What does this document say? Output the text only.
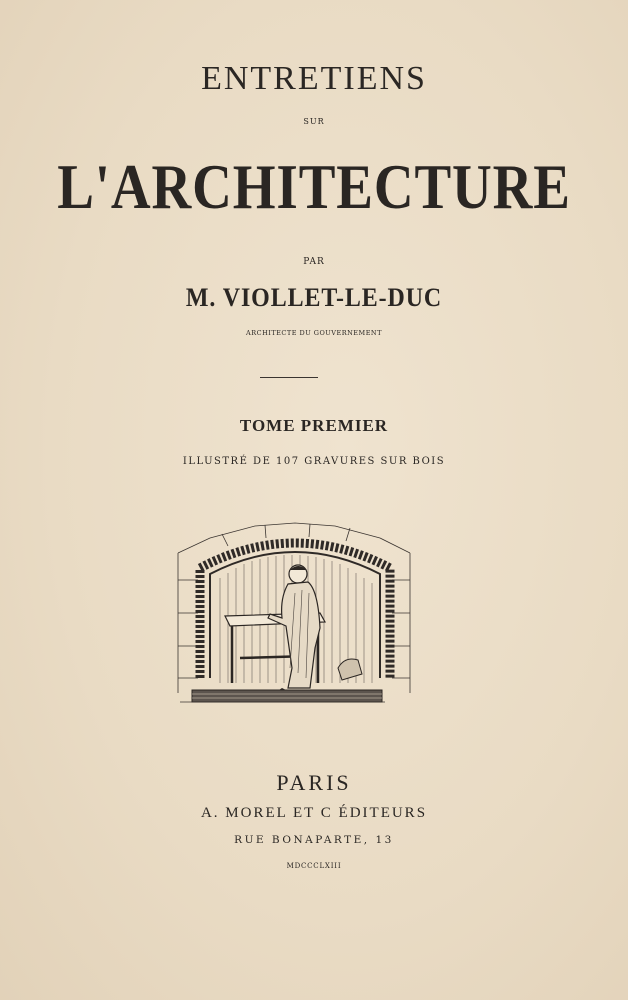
ENTRETIENS
SUR
L'ARCHITECTURE
PAR
M. VIOLLET-LE-DUC
ARCHITECTE DU GOUVERNEMENT
TOME PREMIER
ILLUSTRÉ DE 107 GRAVURES SUR BOIS
PARIS
A. MOREL ET C ÉDITEURS
RUE BONAPARTE, 13
MDCCCLXIII
